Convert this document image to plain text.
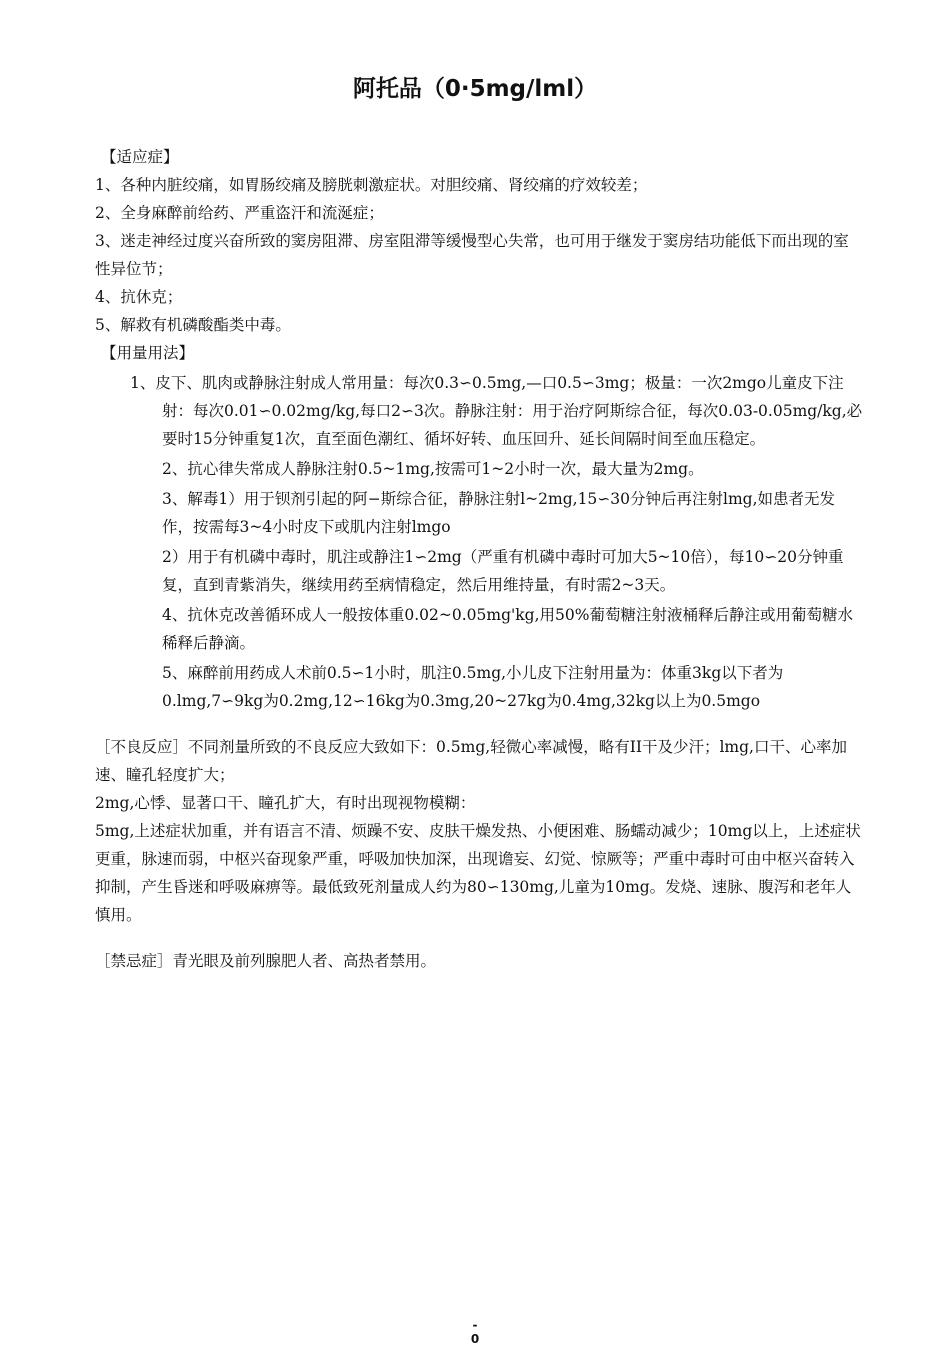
阿托品（0·5mg/lml）
【适应症】
1、各种内脏绞痛，如胃肠绞痛及膀胱刺激症状。对胆绞痛、肾绞痛的疗效较差；
2、全身麻醉前给药、严重盗汗和流涎症；
3、迷走神经过度兴奋所致的窦房阻滞、房室阻滞等缓慢型心失常，也可用于继发于窦房结功能低下而出现的室性异位节；
4、抗休克；
5、解救有机磷酸酯类中毒。
【用量用法】
1、皮下、肌肉或静脉注射成人常用量：每次0.3∽0.5mg,—口0.5∽3mg；极量：一次2mgo儿童皮下注射：每次0.01∽0.02mg/kg,每口2∽3次。静脉注射：用于治疗阿斯综合征，每次0.03-0.05mg/kg,必要时15分钟重复1次，直至面色潮红、循坏好转、血压回升、延长间隔时间至血压稳定。
2、抗心律失常成人静脉注射0.5~1mg,按需可1~2小时一次，最大量为2mg。
3、解毒1）用于钡剂引起的阿−斯综合征，静脉注射l~2mg,15∽30分钟后再注射lmg,如患者无发作，按需每3~4小时皮下或肌内注射lmgo
2）用于有机磷中毒时，肌注或静注1∽2mg（严重有机磷中毒时可加大5~10倍），每10∽20分钟重复，直到青紫消失，继续用药至病情稳定，然后用维持量，有时需2~3天。
4、抗休克改善循环成人一般按体重0.02~0.05mg'kg,用50%葡萄糖注射液桶释后静注或用葡萄糖水稀释后静滴。
5、麻醉前用药成人术前0.5∽1小时，肌注0.5mg,小儿皮下注射用量为：体重3kg以下者为0.lmg,7∽9kg为0.2mg,12∽16kg为0.3mg,20~27kg为0.4mg,32kg以上为0.5mgo
［不良反应］不同剂量所致的不良反应大致如下：0.5mg,轻微心率减慢，略有II干及少汗；lmg,口干、心率加速、瞳孔轻度扩大；
2mg,心悸、显著口干、瞳孔扩大，有时出现视物模糊：
5mg,上述症状加重，并有语言不清、烦躁不安、皮肤干燥发热、小便困难、肠蠕动减少；10mg以上，上述症状更重，脉速而弱，中枢兴奋现象严重，呼吸加快加深，出现谵妄、幻觉、惊厥等；严重中毒时可由中枢兴奋转入抑制，产生昏迷和呼吸麻痹等。最低致死剂量成人约为80∽130mg,儿童为10mg。发烧、速脉、腹泻和老年人慎用。
［禁忌症］青光眼及前列腺肥人者、高热者禁用。
-
0
